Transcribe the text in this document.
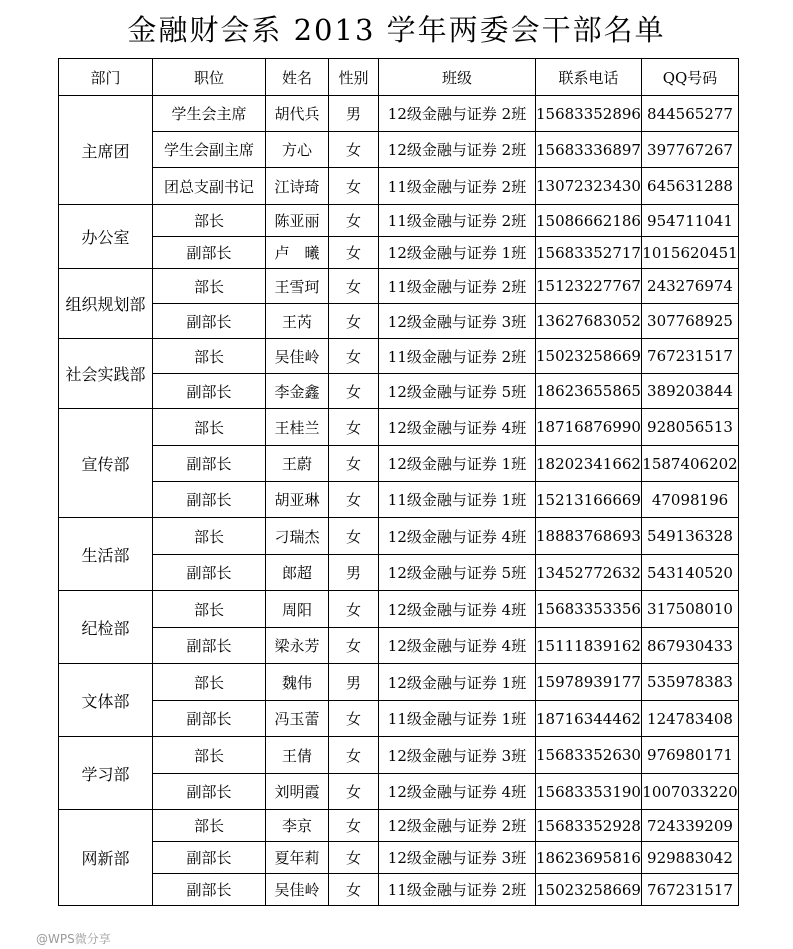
金融财会系 2013 学年两委会干部名单
部门	职位	姓名	性别	班级	联系电话	QQ号码
主席团	学生会主席	胡代兵	男	12级金融与证券 2班	15683352896	844565277
	学生会副主席	方心	女	12级金融与证券 2班	15683336897	397767267
	团总支副书记	江诗琦	女	11级金融与证券 2班	13072323430	645631288
办公室	部长	陈亚丽	女	11级金融与证券 2班	15086662186	954711041
	副部长	卢　曦	女	12级金融与证券 1班	15683352717	1015620451
组织规划部	部长	王雪珂	女	11级金融与证券 2班	15123227767	243276974
	副部长	王芮	女	12级金融与证券 3班	13627683052	307768925
社会实践部	部长	吴佳岭	女	11级金融与证券 2班	15023258669	767231517
	副部长	李金鑫	女	12级金融与证券 5班	18623655865	389203844
宣传部	部长	王桂兰	女	12级金融与证券 4班	18716876990	928056513
	副部长	王蔚	女	12级金融与证券 1班	18202341662	1587406202
	副部长	胡亚琳	女	11级金融与证券 1班	15213166669	47098196
生活部	部长	刁瑞杰	女	12级金融与证券 4班	18883768693	549136328
	副部长	郎超	男	12级金融与证券 5班	13452772632	543140520
纪检部	部长	周阳	女	12级金融与证券 4班	15683353356	317508010
	副部长	梁永芳	女	12级金融与证券 4班	15111839162	867930433
文体部	部长	魏伟	男	12级金融与证券 1班	15978939177	535978383
	副部长	冯玉蕾	女	11级金融与证券 1班	18716344462	124783408
学习部	部长	王倩	女	12级金融与证券 3班	15683352630	976980171
	副部长	刘明霞	女	12级金融与证券 4班	15683353190	1007033220
网新部	部长	李京	女	12级金融与证券 2班	15683352928	724339209
	副部长	夏年莉	女	12级金融与证券 3班	18623695816	929883042
	副部长	吴佳岭	女	11级金融与证券 2班	15023258669	767231517
@WPS微分享
